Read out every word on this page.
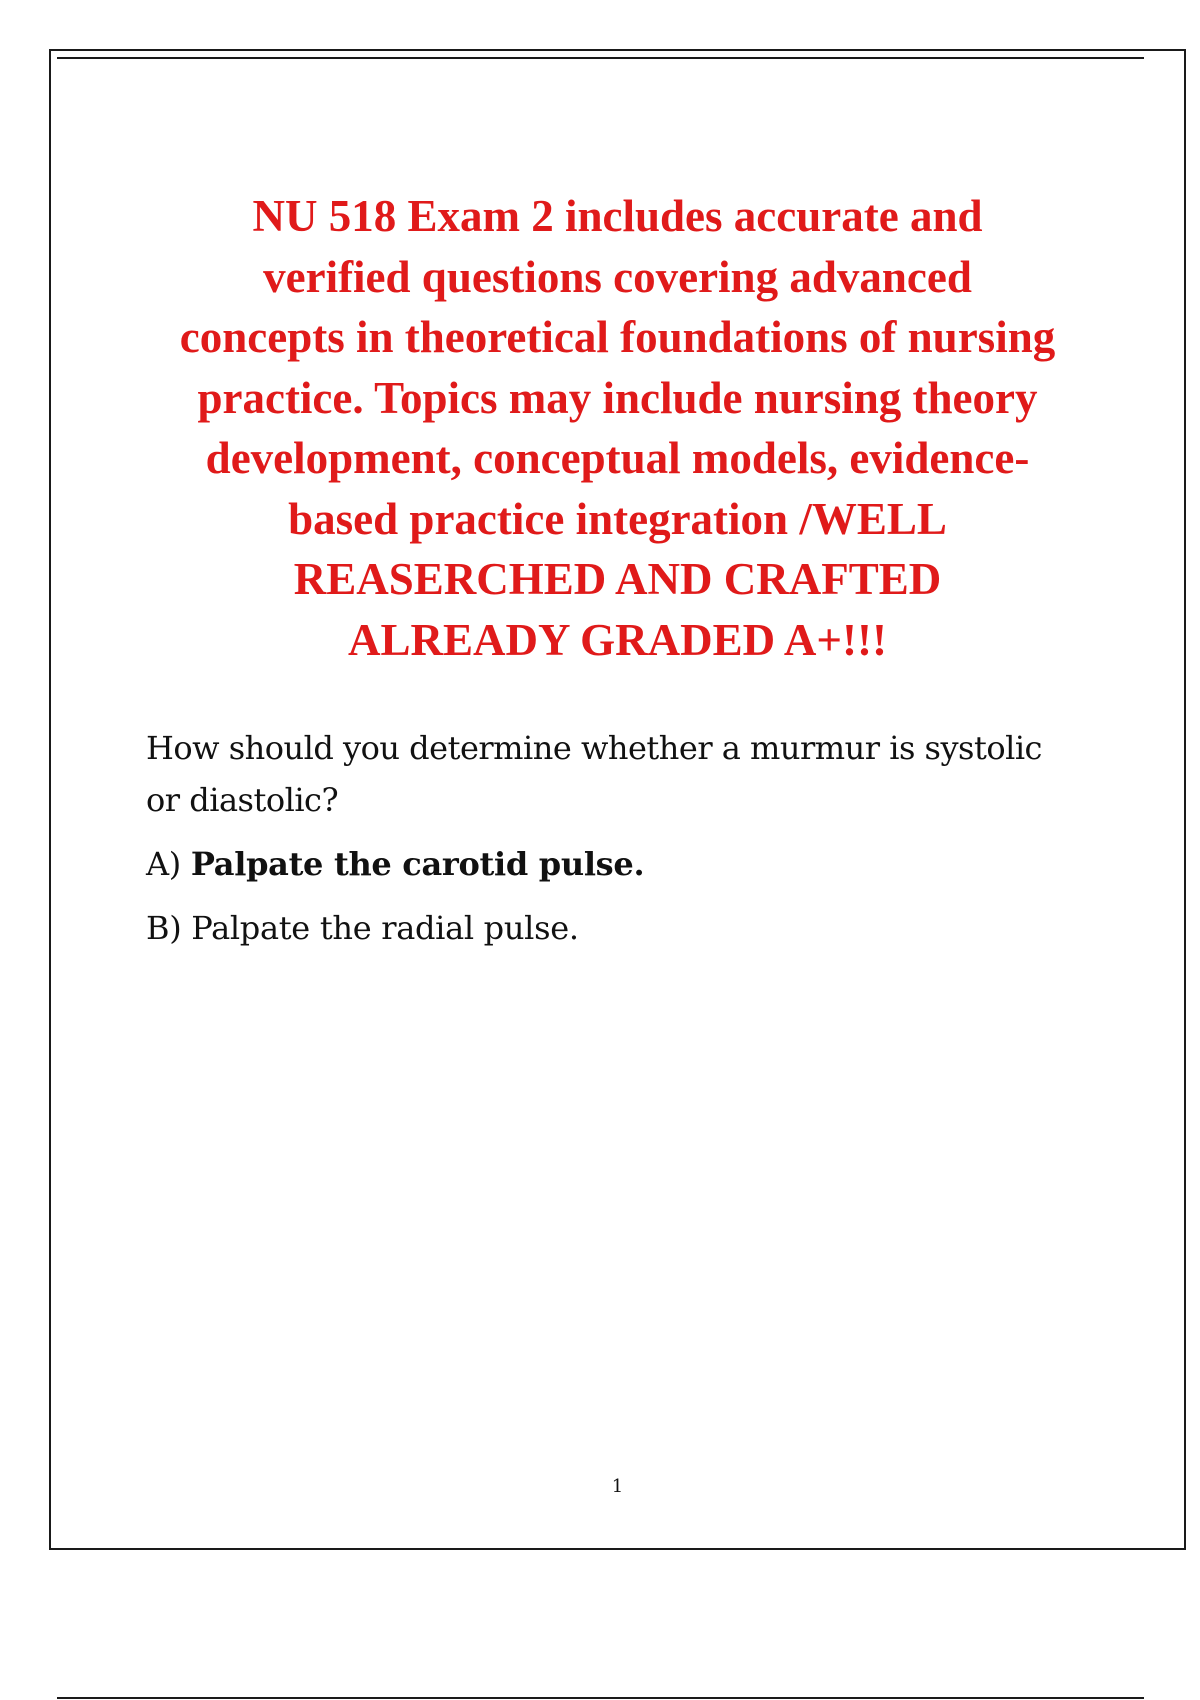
NU 518 Exam 2 includes accurate and
verified questions covering advanced
concepts in theoretical foundations of nursing
practice. Topics may include nursing theory
development, conceptual models, evidence-
based practice integration /WELL
REASERCHED AND CRAFTED
ALREADY GRADED A+!!!

How should you determine whether a murmur is systolic
or diastolic?

A) Palpate the carotid pulse.

B) Palpate the radial pulse.

1
